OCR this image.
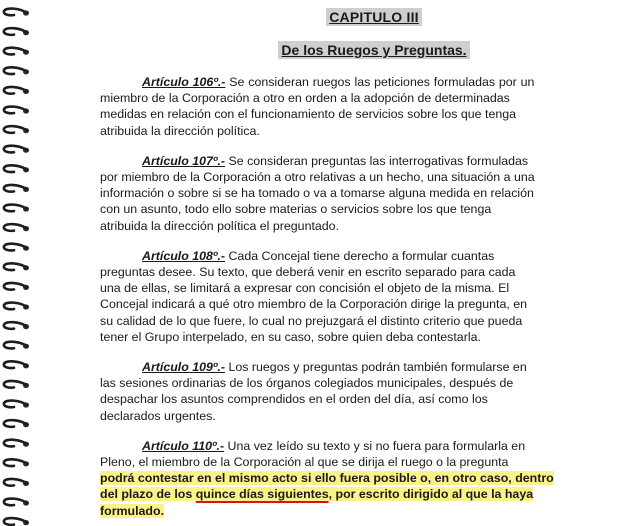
CAPITULO III
De los Ruegos y Preguntas.

Artículo 106º.- Se consideran ruegos las peticiones formuladas por un
miembro de la Corporación a otro en orden a la adopción de determinadas
medidas en relación con el funcionamiento de servicios sobre los que tenga
atribuida la dirección política.

Artículo 107º.- Se consideran preguntas las interrogativas formuladas
por miembro de la Corporación a otro relativas a un hecho, una situación a una
información o sobre si se ha tomado o va a tomarse alguna medida en relación
con un asunto, todo ello sobre materias o servicios sobre los que tenga
atribuida la dirección política el preguntado.

Artículo 108º.- Cada Concejal tiene derecho a formular cuantas
preguntas desee. Su texto, que deberá venir en escrito separado para cada
una de ellas, se limitará a expresar con concisión el objeto de la misma. El
Concejal indicará a qué otro miembro de la Corporación dirige la pregunta, en
su calidad de lo que fuere, lo cual no prejuzgará el distinto criterio que pueda
tener el Grupo interpelado, en su caso, sobre quien deba contestarla.

Artículo 109º.- Los ruegos y preguntas podrán también formularse en
las sesiones ordinarias de los órganos colegiados municipales, después de
despachar los asuntos comprendidos en el orden del día, así como los
declarados urgentes.

Artículo 110º.- Una vez leído su texto y si no fuera para formularla en
Pleno, el miembro de la Corporación al que se dirija el ruego o la pregunta
podrá contestar en el mismo acto si ello fuera posible o, en otro caso, dentro
del plazo de los quince días siguientes, por escrito dirigido al que la haya
formulado.
